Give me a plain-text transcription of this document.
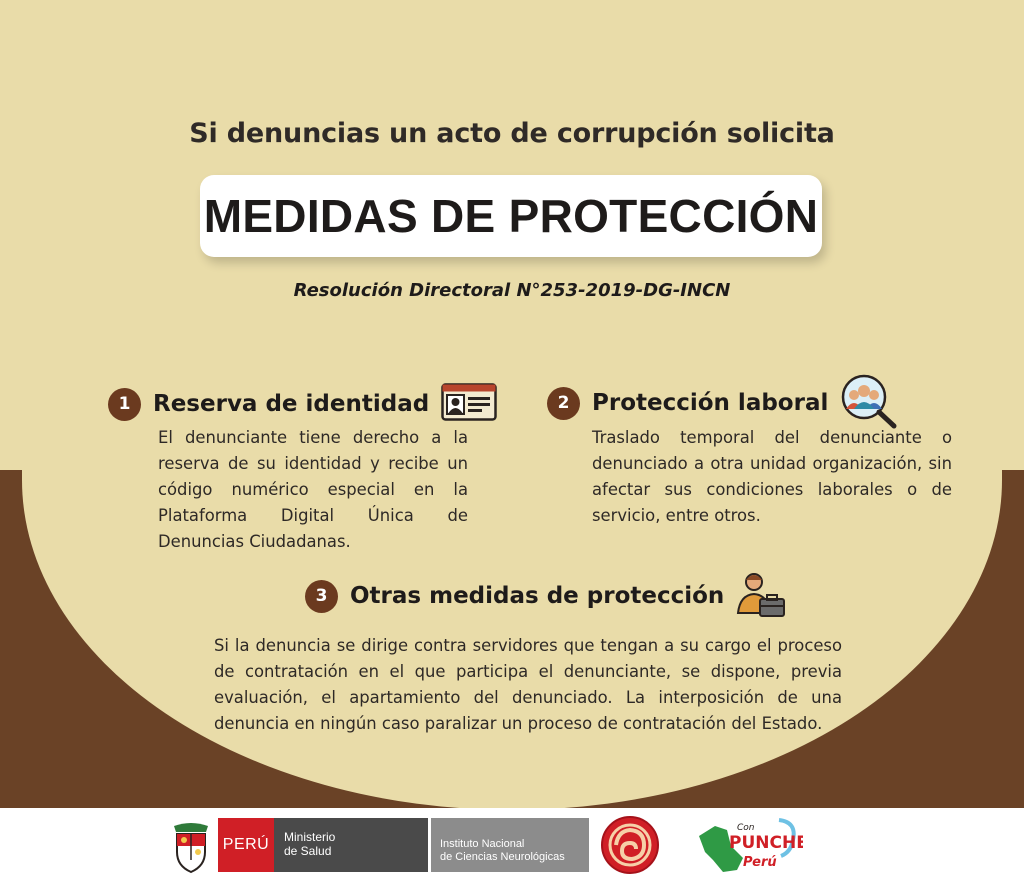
Si denuncias un acto de corrupción solicita
MEDIDAS DE PROTECCIÓN
Resolución Directoral N°253-2019-DG-INCN
1 Reserva de identidad
El denunciante tiene derecho a la reserva de su identidad y recibe un código numérico especial en la Plataforma Digital Única de Denuncias Ciudadanas.
2 Protección laboral
Traslado temporal del denunciante o denunciado a otra unidad organización, sin afectar sus condiciones laborales o de servicio, entre otros.
3 Otras medidas de protección
Si la denuncia se dirige contra servidores que tengan a su cargo el proceso de contratación en el que participa el denunciante, se dispone, previa evaluación, el apartamiento del denunciado. La interposición de una denuncia en ningún caso paralizar un proceso de contratación del Estado.
PERÚ	Ministerio
de Salud	Instituto Nacional
de Ciencias Neurológicas
Con
PUNCHE
Perú
